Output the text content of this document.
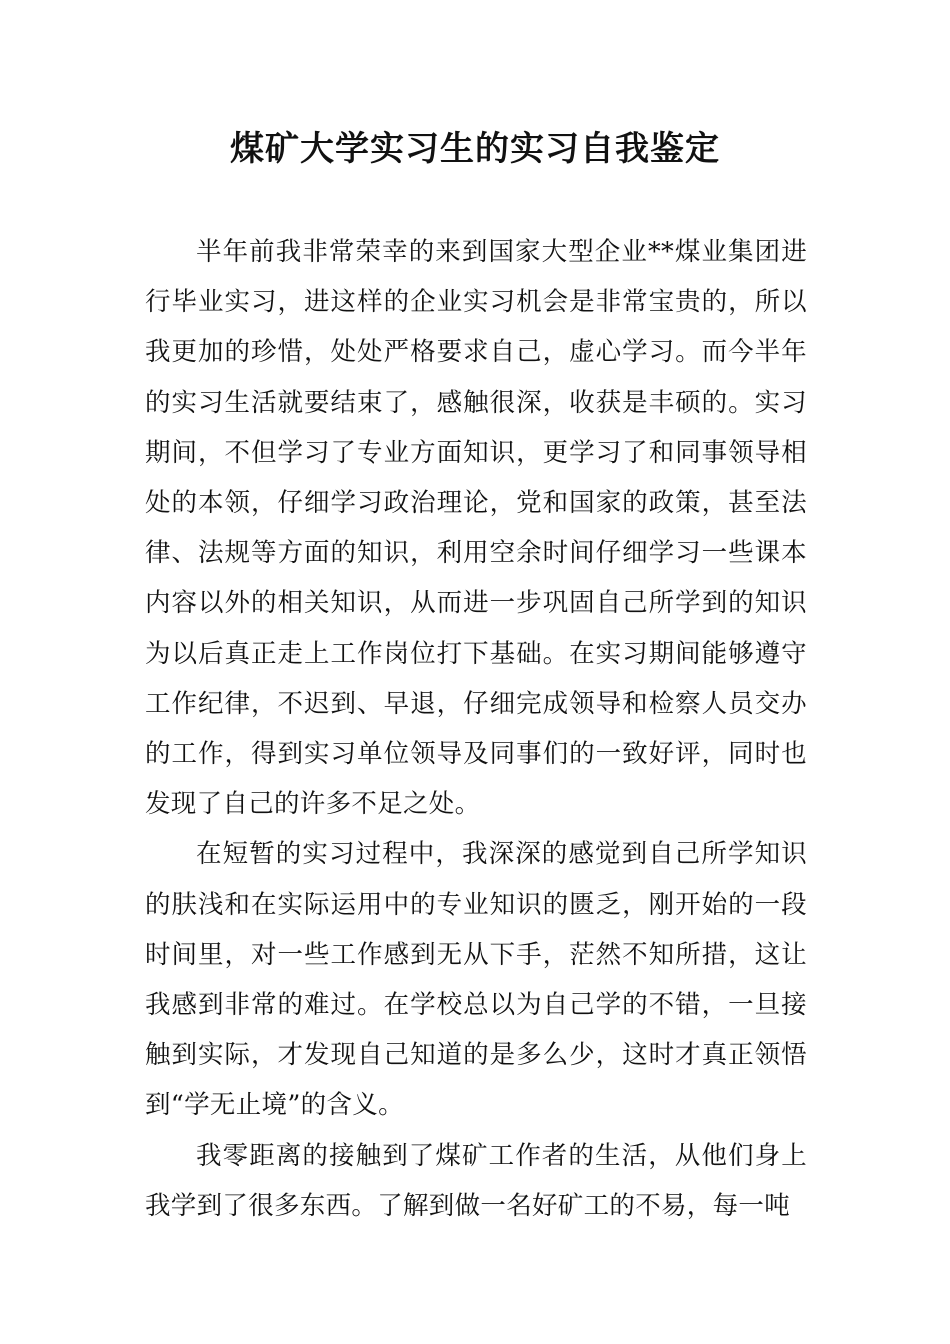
煤矿大学实习生的实习自我鉴定

半年前我非常荣幸的来到国家大型企业**煤业集团进行毕业实习，进这样的企业实习机会是非常宝贵的，所以我更加的珍惜，处处严格要求自己，虚心学习。而今半年的实习生活就要结束了，感触很深，收获是丰硕的。实习期间，不但学习了专业方面知识，更学习了和同事领导相处的本领，仔细学习政治理论，党和国家的政策，甚至法律、法规等方面的知识，利用空余时间仔细学习一些课本内容以外的相关知识，从而进一步巩固自己所学到的知识为以后真正走上工作岗位打下基础。在实习期间能够遵守工作纪律，不迟到、早退，仔细完成领导和检察人员交办的工作，得到实习单位领导及同事们的一致好评，同时也发现了自己的许多不足之处。

在短暂的实习过程中，我深深的感觉到自己所学知识的肤浅和在实际运用中的专业知识的匮乏，刚开始的一段时间里，对一些工作感到无从下手，茫然不知所措，这让我感到非常的难过。在学校总以为自己学的不错，一旦接触到实际，才发现自己知道的是多么少，这时才真正领悟到“学无止境”的含义。

我零距离的接触到了煤矿工作者的生活，从他们身上我学到了很多东西。了解到做一名好矿工的不易，每一吨
